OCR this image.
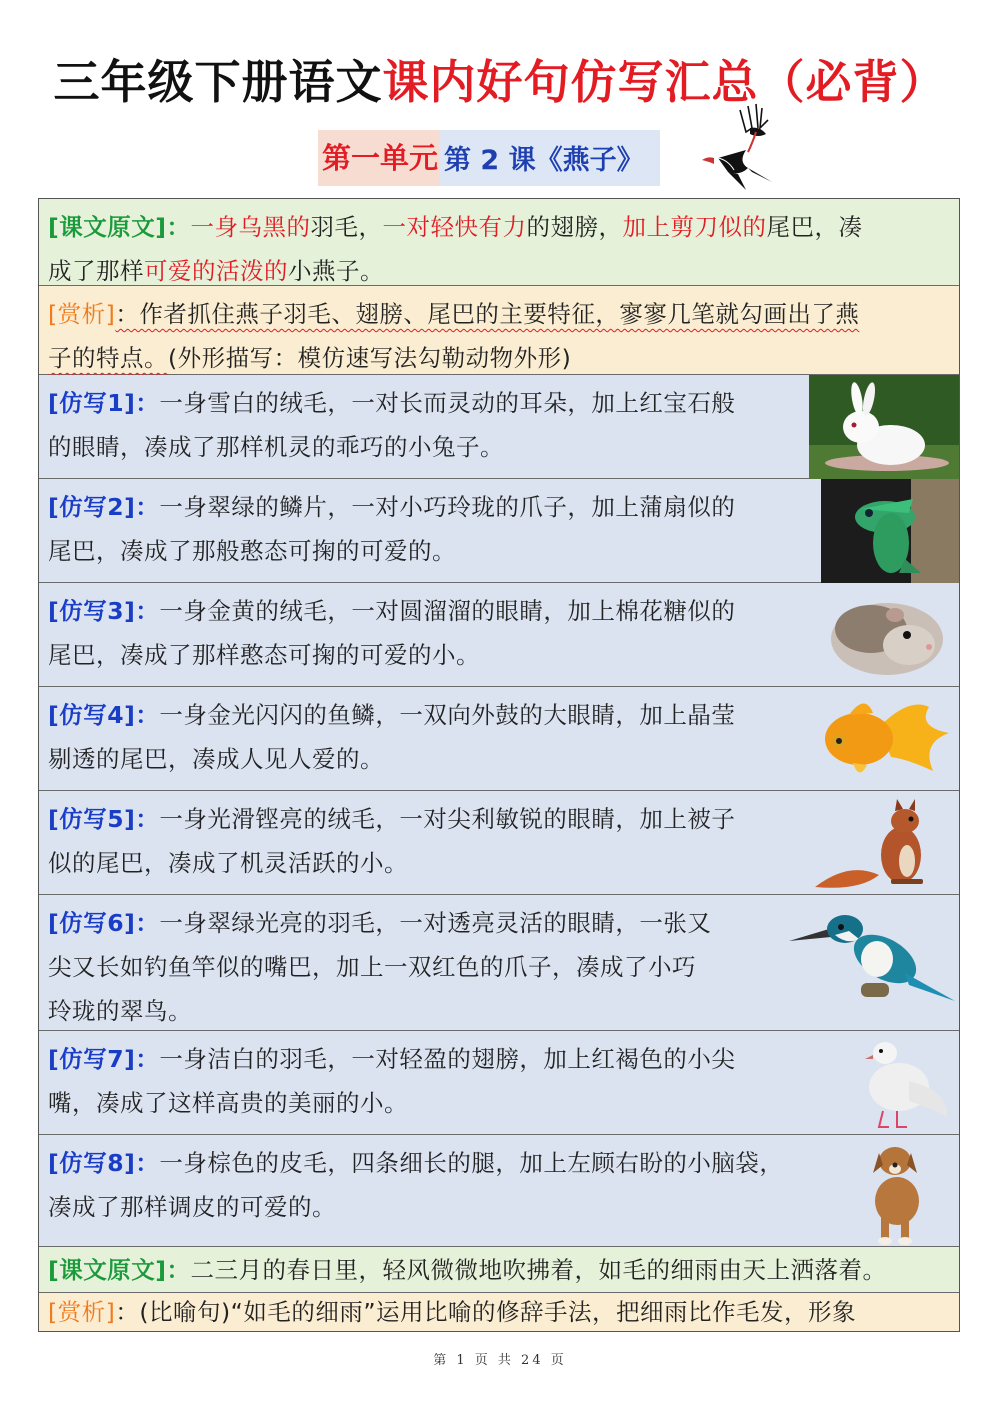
三年级下册语文课内好句仿写汇总（必背）
第一单元 第 2 课《燕子》
[课文原文]：一身乌黑的羽毛，一对轻快有力的翅膀，加上剪刀似的尾巴，凑
成了那样可爱的活泼的小燕子。
[赏析]：作者抓住燕子羽毛、翅膀、尾巴的主要特征，寥寥几笔就勾画出了燕
子的特点。(外形描写：模仿速写法勾勒动物外形)
[仿写1]：一身雪白的绒毛，一对长而灵动的耳朵，加上红宝石般
的眼睛，凑成了那样机灵的乖巧的小兔子。
[仿写2]：一身翠绿的鳞片，一对小巧玲珑的爪子，加上蒲扇似的
尾巴，凑成了那般憨态可掬的可爱的。
[仿写3]：一身金黄的绒毛，一对圆溜溜的眼睛，加上棉花糖似的
尾巴，凑成了那样憨态可掬的可爱的小。
[仿写4]：一身金光闪闪的鱼鳞，一双向外鼓的大眼睛，加上晶莹
剔透的尾巴，凑成人见人爱的。
[仿写5]：一身光滑铿亮的绒毛，一对尖利敏锐的眼睛，加上被子
似的尾巴，凑成了机灵活跃的小。
[仿写6]：一身翠绿光亮的羽毛，一对透亮灵活的眼睛，一张又
尖又长如钓鱼竿似的嘴巴，加上一双红色的爪子，凑成了小巧
玲珑的翠鸟。
[仿写7]：一身洁白的羽毛，一对轻盈的翅膀，加上红褐色的小尖
嘴，凑成了这样高贵的美丽的小。
[仿写8]：一身棕色的皮毛，四条细长的腿，加上左顾右盼的小脑袋，
凑成了那样调皮的可爱的。
[课文原文]：二三月的春日里，轻风微微地吹拂着，如毛的细雨由天上洒落着。
[赏析]：(比喻句)“如毛的细雨”运用比喻的修辞手法，把细雨比作毛发，形象
第 1 页 共 24 页
